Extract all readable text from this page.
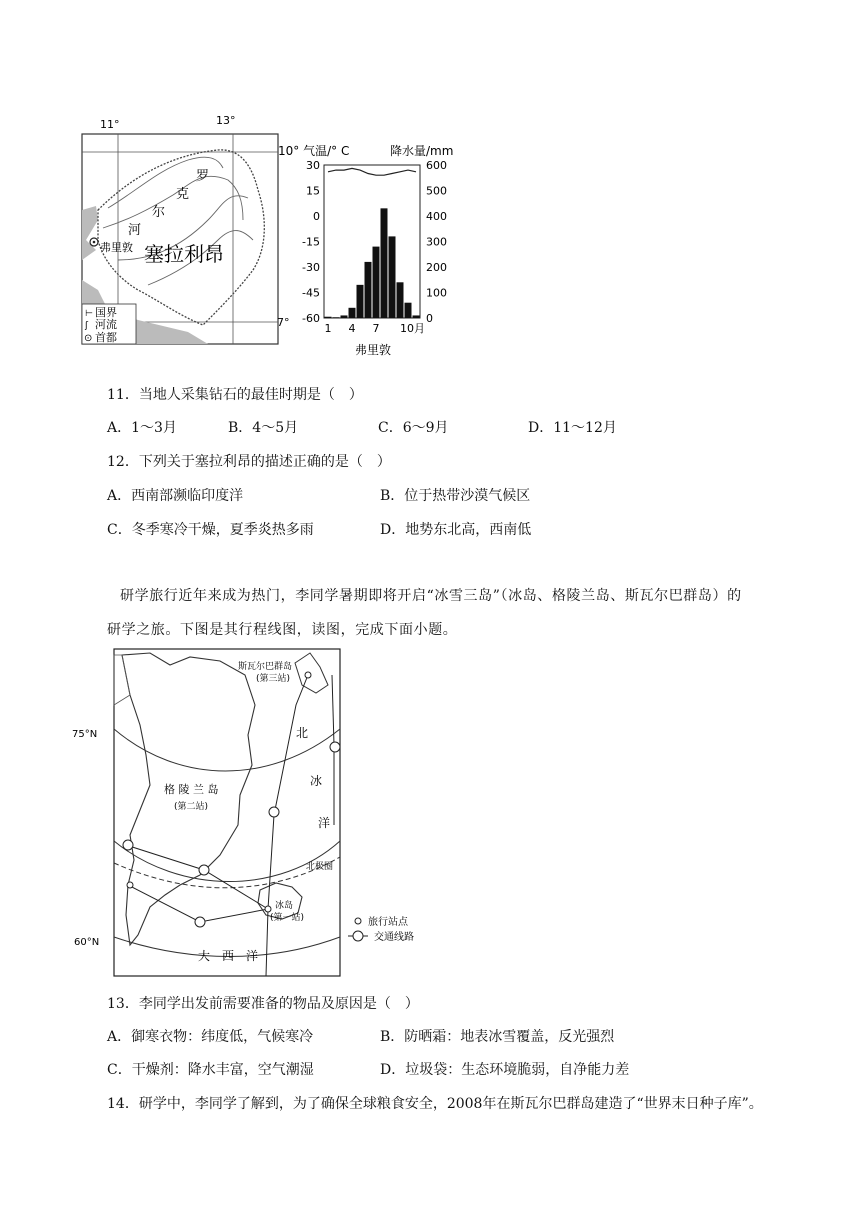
11°	13°
罗
克
尔
河
弗里敦 塞拉利昂
7°
⊢ 国界
ʃ 河流
⊙ 首都
10° 气温/° C	降水量/mm
30
15
0
-15
-30
-45
-60
600
500
400
300
200
100
0
1 4 7 10月
弗里敦
11．当地人采集钻石的最佳时期是（　）
A．1～3月	B．4～5月	C．6～9月	D．11～12月
12．下列关于塞拉利昂的描述正确的是（　）
A．西南部濒临印度洋	B．位于热带沙漠气候区
C．冬季寒冷干燥，夏季炎热多雨	D．地势东北高，西南低
研学旅行近年来成为热门，李同学暑期即将开启“冰雪三岛”（冰岛、格陵兰岛、斯瓦尔巴群岛）的
研学之旅。下图是其行程线图，读图，完成下面小题。
75°N
60°N
北极圈
斯瓦尔巴群岛
(第三站)
格 陵 兰 岛
(第二站)
冰岛
(第一站)
北
冰
洋
大　西　洋
旅行站点
交通线路
13．李同学出发前需要准备的物品及原因是（　）
A．御寒衣物：纬度低，气候寒冷	B．防晒霜：地表冰雪覆盖，反光强烈
C．干燥剂：降水丰富，空气潮湿	D．垃圾袋：生态环境脆弱，自净能力差
14．研学中，李同学了解到，为了确保全球粮食安全，2008年在斯瓦尔巴群岛建造了“世界末日种子库”。
